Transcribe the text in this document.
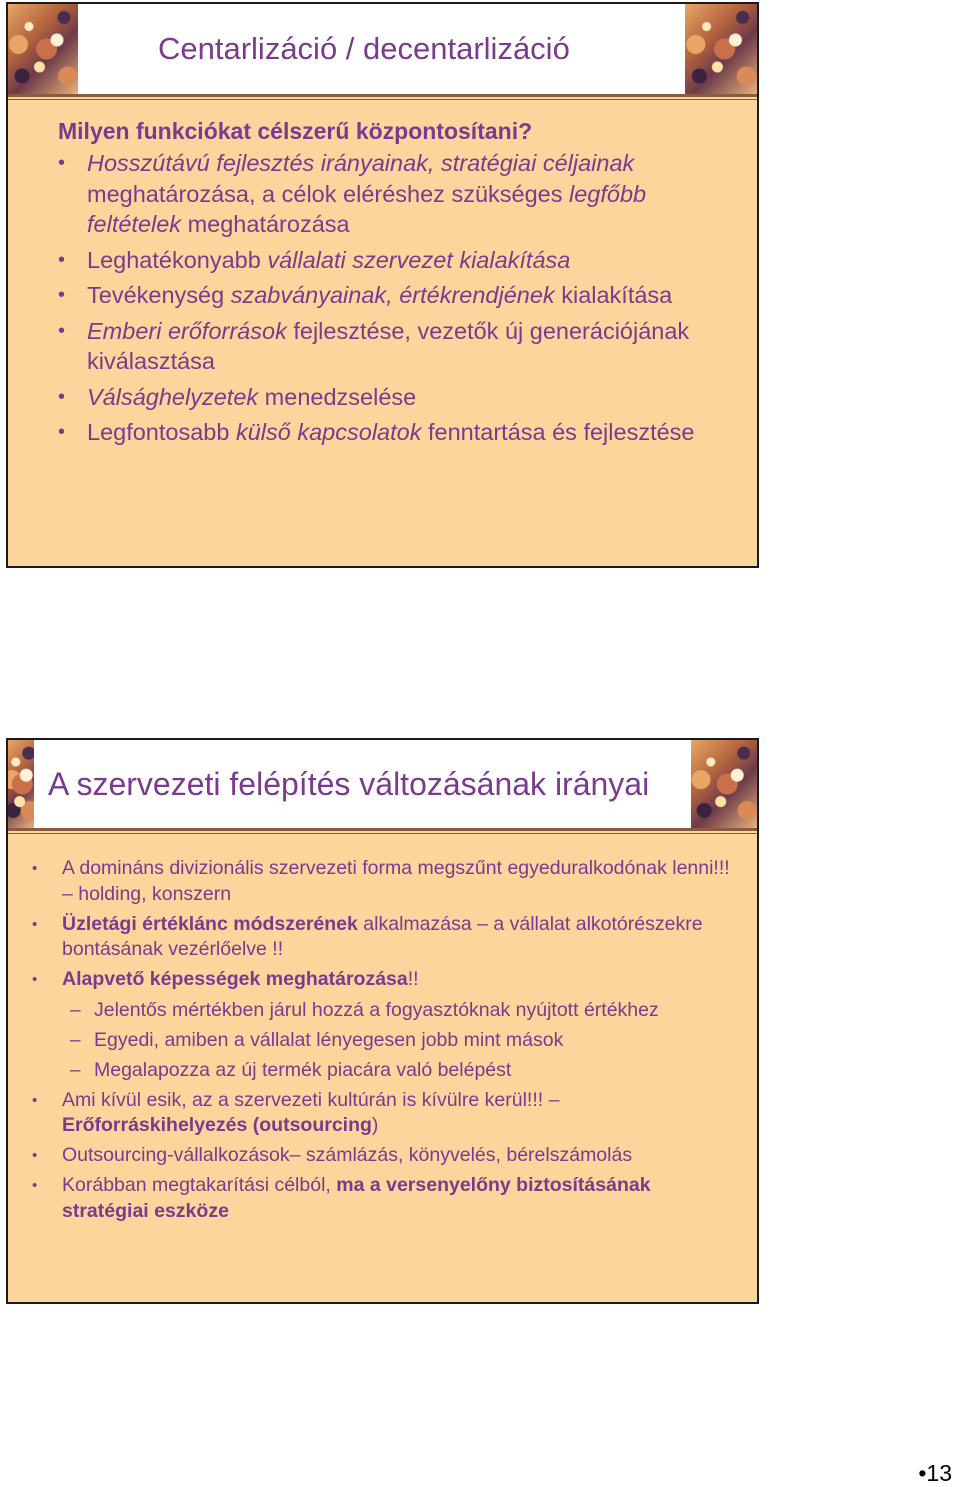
Centarlizáció / decentarlizáció

Milyen funkciókat célszerű központosítani?

• Hosszútávú fejlesztés irányainak, stratégiai céljainak meghatározása, a célok eléréshez szükséges legfőbb feltételek meghatározása
• Leghatékonyabb vállalati szervezet kialakítása
• Tevékenység szabványainak, értékrendjének kialakítása
• Emberi erőforrások fejlesztése, vezetők új generációjának kiválasztása
• Válsághelyzetek menedzselése
• Legfontosabb külső kapcsolatok fenntartása és fejlesztése
A szervezeti felépítés változásának irányai
• A domináns divizionális szervezeti forma megszűnt egyeduralkodónak lenni!!! – holding, konszern
• Üzletági értéklánc módszerének alkalmazása – a vállalat alkotórészekre bontásának vezérlőelve !!
• Alapvető képességek meghatározása!!
– Jelentős mértékben járul hozzá a fogyasztóknak nyújtott értékhez
– Egyedi, amiben a vállalat lényegesen jobb mint mások
– Megalapozza az új termék piacára való belépést
• Ami kívül esik, az a szervezeti kultúrán is kívülre kerül!!! – Erőforráskihelyezés (outsourcing)
• Outsourcing-vállalkozások– számlázás, könyvelés, bérelszámolás
• Korábban megtakarítási célból, ma a versenyelőny biztosításának stratégiai eszköze
•13
